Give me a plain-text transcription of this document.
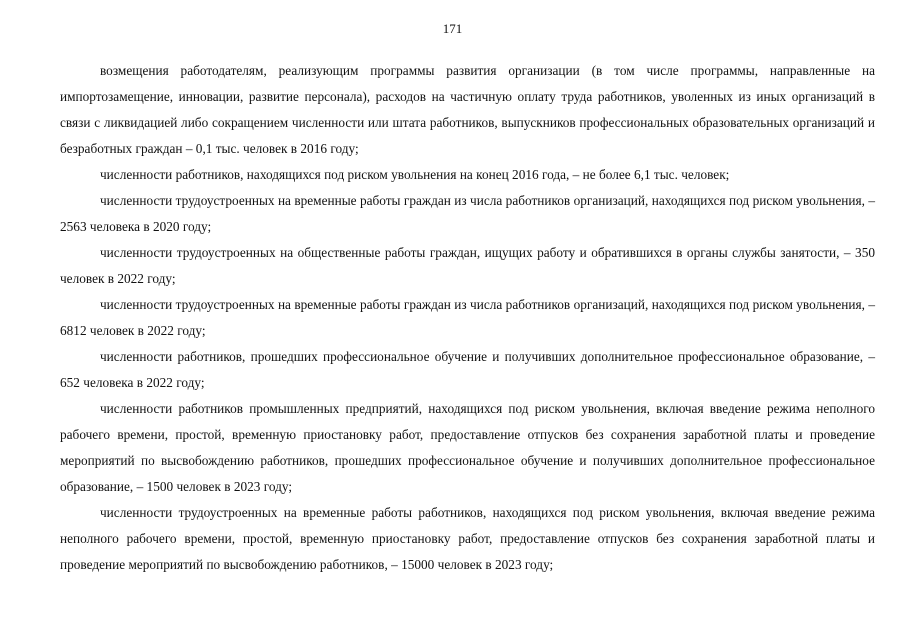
171

возмещения работодателям, реализующим программы развития организации (в том числе программы, направленные на импортозамещение, инновации, развитие персонала), расходов на частичную оплату труда работников, уволенных из иных организаций в связи с ликвидацией либо сокращением численности или штата работников, выпускников профессиональных образовательных организаций и безработных граждан – 0,1 тыс. человек в 2016 году;

численности работников, находящихся под риском увольнения на конец 2016 года, – не более 6,1 тыс. человек;

численности трудоустроенных на временные работы граждан из числа работников организаций, находящихся под риском увольнения, – 2563 человека в 2020 году;

численности трудоустроенных на общественные работы граждан, ищущих работу и обратившихся в органы службы занятости, – 350 человек в 2022 году;

численности трудоустроенных на временные работы граждан из числа работников организаций, находящихся под риском увольнения, – 6812 человек в 2022 году;

численности работников, прошедших профессиональное обучение и получивших дополнительное профессиональное образование, – 652 человека в 2022 году;

численности работников промышленных предприятий, находящихся под риском увольнения, включая введение режима неполного рабочего времени, простой, временную приостановку работ, предоставление отпусков без сохранения заработной платы и проведение мероприятий по высвобождению работников, прошедших профессиональное обучение и получивших дополнительное профессиональное образование, – 1500 человек в 2023 году;

численности трудоустроенных на временные работы работников, находящихся под риском увольнения, включая введение режима неполного рабочего времени, простой, временную приостановку работ, предоставление отпусков без сохранения заработной платы и проведение мероприятий по высвобождению работников, – 15000 человек в 2023 году;
